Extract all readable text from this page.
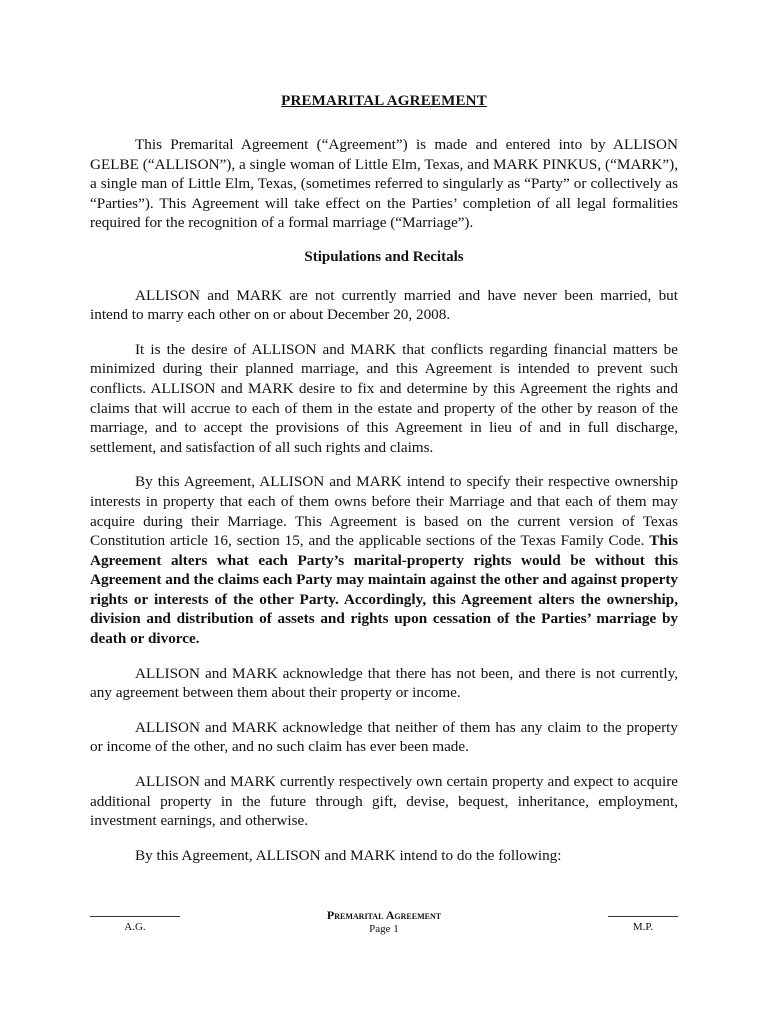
PREMARITAL AGREEMENT

This Premarital Agreement (“Agreement”) is made and entered into by ALLISON GELBE (“ALLISON”), a single woman of Little Elm, Texas, and MARK PINKUS, (“MARK”), a single man of Little Elm, Texas, (sometimes referred to singularly as “Party” or collectively as “Parties”). This Agreement will take effect on the Parties’ completion of all legal formalities required for the recognition of a formal marriage (“Marriage”).

Stipulations and Recitals

ALLISON and MARK are not currently married and have never been married, but intend to marry each other on or about December 20, 2008.

It is the desire of ALLISON and MARK that conflicts regarding financial matters be minimized during their planned marriage, and this Agreement is intended to prevent such conflicts. ALLISON and MARK desire to fix and determine by this Agreement the rights and claims that will accrue to each of them in the estate and property of the other by reason of the marriage, and to accept the provisions of this Agreement in lieu of and in full discharge, settlement, and satisfaction of all such rights and claims.

By this Agreement, ALLISON and MARK intend to specify their respective ownership interests in property that each of them owns before their Marriage and that each of them may acquire during their Marriage. This Agreement is based on the current version of Texas Constitution article 16, section 15, and the applicable sections of the Texas Family Code. This Agreement alters what each Party’s marital-property rights would be without this Agreement and the claims each Party may maintain against the other and against property rights or interests of the other Party. Accordingly, this Agreement alters the ownership, division and distribution of assets and rights upon cessation of the Parties’ marriage by death or divorce.

ALLISON and MARK acknowledge that there has not been, and there is not currently, any agreement between them about their property or income.

ALLISON and MARK acknowledge that neither of them has any claim to the property or income of the other, and no such claim has ever been made.

ALLISON and MARK currently respectively own certain property and expect to acquire additional property in the future through gift, devise, bequest, inheritance, employment, investment earnings, and otherwise.

By this Agreement, ALLISON and MARK intend to do the following:

A.G.
Premarital Agreement
Page 1	M.P.
